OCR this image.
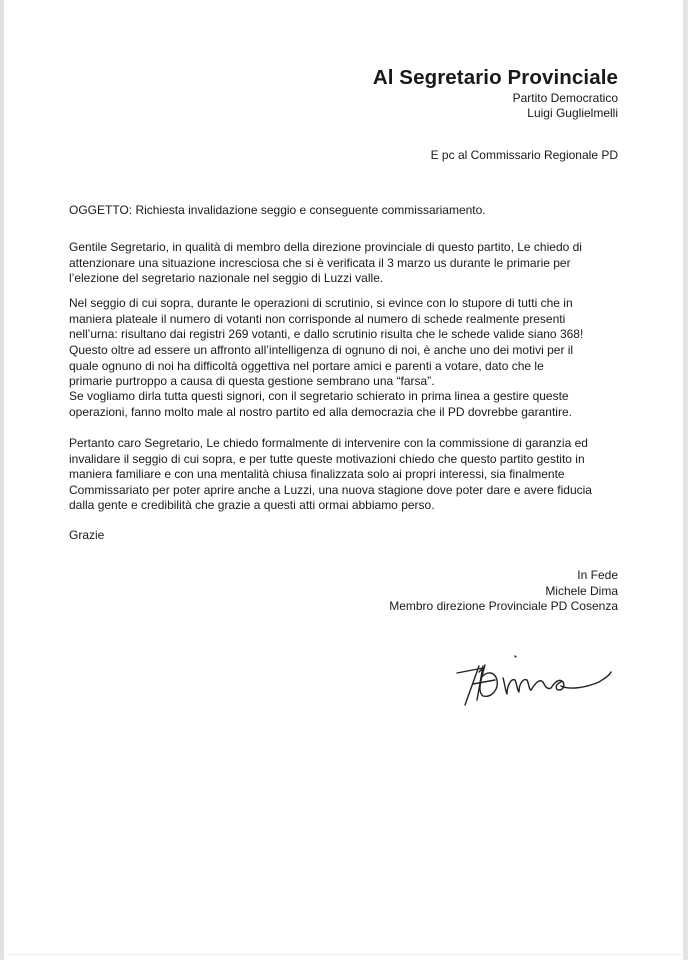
Al Segretario Provinciale
Partito Democratico
Luigi Guglielmelli
E pc al Commissario Regionale PD
OGGETTO: Richiesta invalidazione seggio e conseguente commissariamento.
Gentile Segretario, in qualità di membro della direzione provinciale di questo partito, Le chiedo di
attenzionare una situazione incresciosa che si è verificata il 3 marzo us durante le primarie per
l’elezione del segretario nazionale nel seggio di Luzzi valle.
Nel seggio di cui sopra, durante le operazioni di scrutinio, si evince con lo stupore di tutti che in
maniera plateale il numero di votanti non corrisponde al numero di schede realmente presenti
nell’urna: risultano dai registri 269 votanti, e dallo scrutinio risulta che le schede valide siano 368!
Questo oltre ad essere un affronto all’intelligenza di ognuno di noi, è anche uno dei motivi per il
quale ognuno di noi ha difficoltà oggettiva nel portare amici e parenti a votare, dato che le
primarie purtroppo a causa di questa gestione sembrano una “farsa”.
Se vogliamo dirla tutta questi signori, con il segretario schierato in prima linea a gestire queste
operazioni, fanno molto male al nostro partito ed alla democrazia che il PD dovrebbe garantire.
Pertanto caro Segretario, Le chiedo formalmente di intervenire con la commissione di garanzia ed
invalidare il seggio di cui sopra, e per tutte queste motivazioni chiedo che questo partito gestito in
maniera familiare e con una mentalità chiusa finalizzata solo ai propri interessi, sia finalmente
Commissariato per poter aprire anche a Luzzi, una nuova stagione dove poter dare e avere fiducia
dalla gente e credibilità che grazie a questi atti ormai abbiamo perso.
Grazie
In Fede
Michele Dima
Membro direzione Provinciale PD Cosenza
